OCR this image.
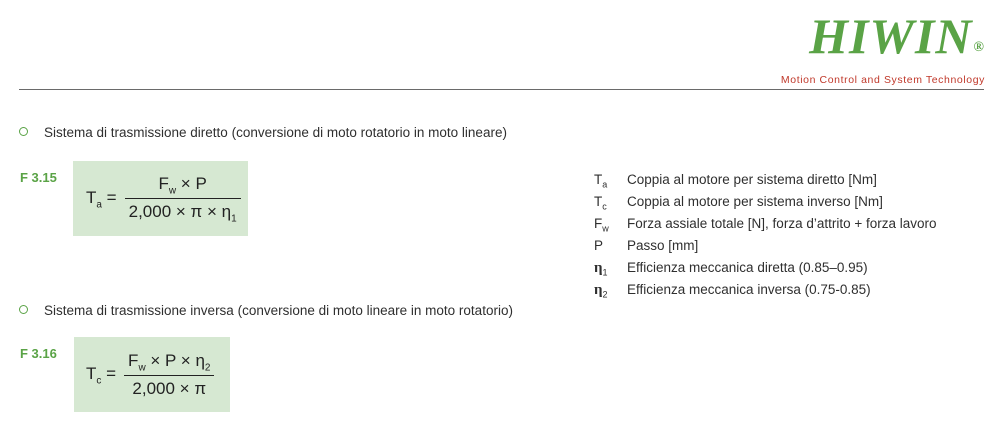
HIWIN®
Motion Control and System Technology
Sistema di trasmissione diretto (conversione di moto rotatorio in moto lineare)
F 3.15
$T_a = \frac{F_w \times P}{2,000 \times \pi \times \eta_1}$
Sistema di trasmissione inversa (conversione di moto lineare in moto rotatorio)
F 3.16
$T_c = \frac{F_w \times P \times \eta_2}{2,000 \times \pi}$
$T_a$	Coppia al motore per sistema diretto [Nm]
$T_c$	Coppia al motore per sistema inverso [Nm]
$F_w$	Forza assiale totale [N], forza d’attrito + forza lavoro
P	Passo [mm]
$\eta_1$	Efficienza meccanica diretta (0.85–0.95)
$\eta_2$	Efficienza meccanica inversa (0.75-0.85)
